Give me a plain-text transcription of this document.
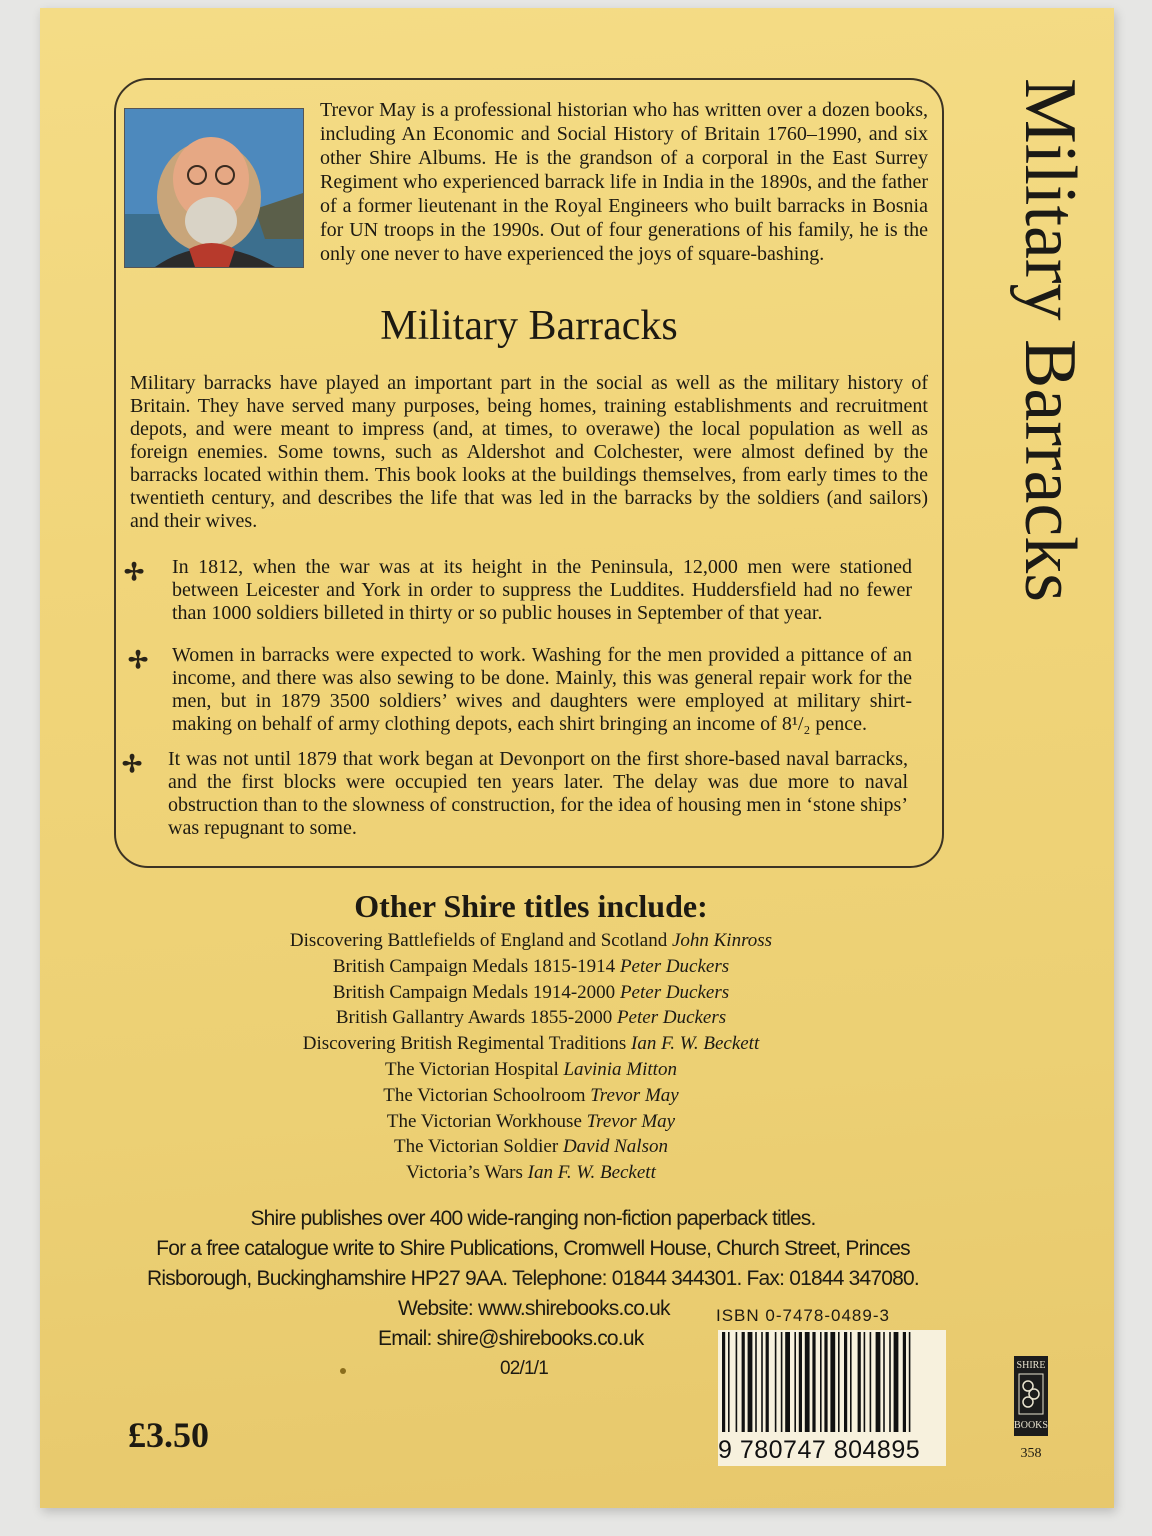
Military Barracks

Trevor May is a professional historian who has written over a dozen books, including An Economic and Social History of Britain 1760–1990, and six other Shire Albums. He is the grandson of a corporal in the East Surrey Regiment who experienced barrack life in India in the 1890s, and the father of a former lieutenant in the Royal Engineers who built barracks in Bosnia for UN troops in the 1990s. Out of four generations of his family, he is the only one never to have experienced the joys of square-bashing.

Military Barracks

Military barracks have played an important part in the social as well as the military history of Britain. They have served many purposes, being homes, training establishments and recruitment depots, and were meant to impress (and, at times, to overawe) the local population as well as foreign enemies. Some towns, such as Aldershot and Colchester, were almost defined by the barracks located within them. This book looks at the buildings themselves, from early times to the twentieth century, and describes the life that was led in the barracks by the soldiers (and sailors) and their wives.

✢ In 1812, when the war was at its height in the Peninsula, 12,000 men were stationed between Leicester and York in order to suppress the Luddites. Huddersfield had no fewer than 1000 soldiers billeted in thirty or so public houses in September of that year.

✢ Women in barracks were expected to work. Washing for the men provided a pittance of an income, and there was also sewing to be done. Mainly, this was general repair work for the men, but in 1879 3500 soldiers’ wives and daughters were employed at military shirt-making on behalf of army clothing depots, each shirt bringing an income of 8¹/₂ pence.

✢ It was not until 1879 that work began at Devonport on the first shore-based naval barracks, and the first blocks were occupied ten years later. The delay was due more to naval obstruction than to the slowness of construction, for the idea of housing men in ‘stone ships’ was repugnant to some.

Other Shire titles include:
Discovering Battlefields of England and Scotland John Kinross
British Campaign Medals 1815-1914 Peter Duckers
British Campaign Medals 1914-2000 Peter Duckers
British Gallantry Awards 1855-2000 Peter Duckers
Discovering British Regimental Traditions Ian F. W. Beckett
The Victorian Hospital Lavinia Mitton
The Victorian Schoolroom Trevor May
The Victorian Workhouse Trevor May
The Victorian Soldier David Nalson
Victoria’s Wars Ian F. W. Beckett
Shire publishes over 400 wide-ranging non-fiction paperback titles.
For a free catalogue write to Shire Publications, Cromwell House, Church Street, Princes
Risborough, Buckinghamshire HP27 9AA. Telephone: 01844 344301. Fax: 01844 347080.
Website: www.shirebooks.co.uk
Email: shire@shirebooks.co.uk
02/1/1
£3.50
ISBN 0-7478-0489-3
9 780747 804895
SHIRE
BOOKS
358
